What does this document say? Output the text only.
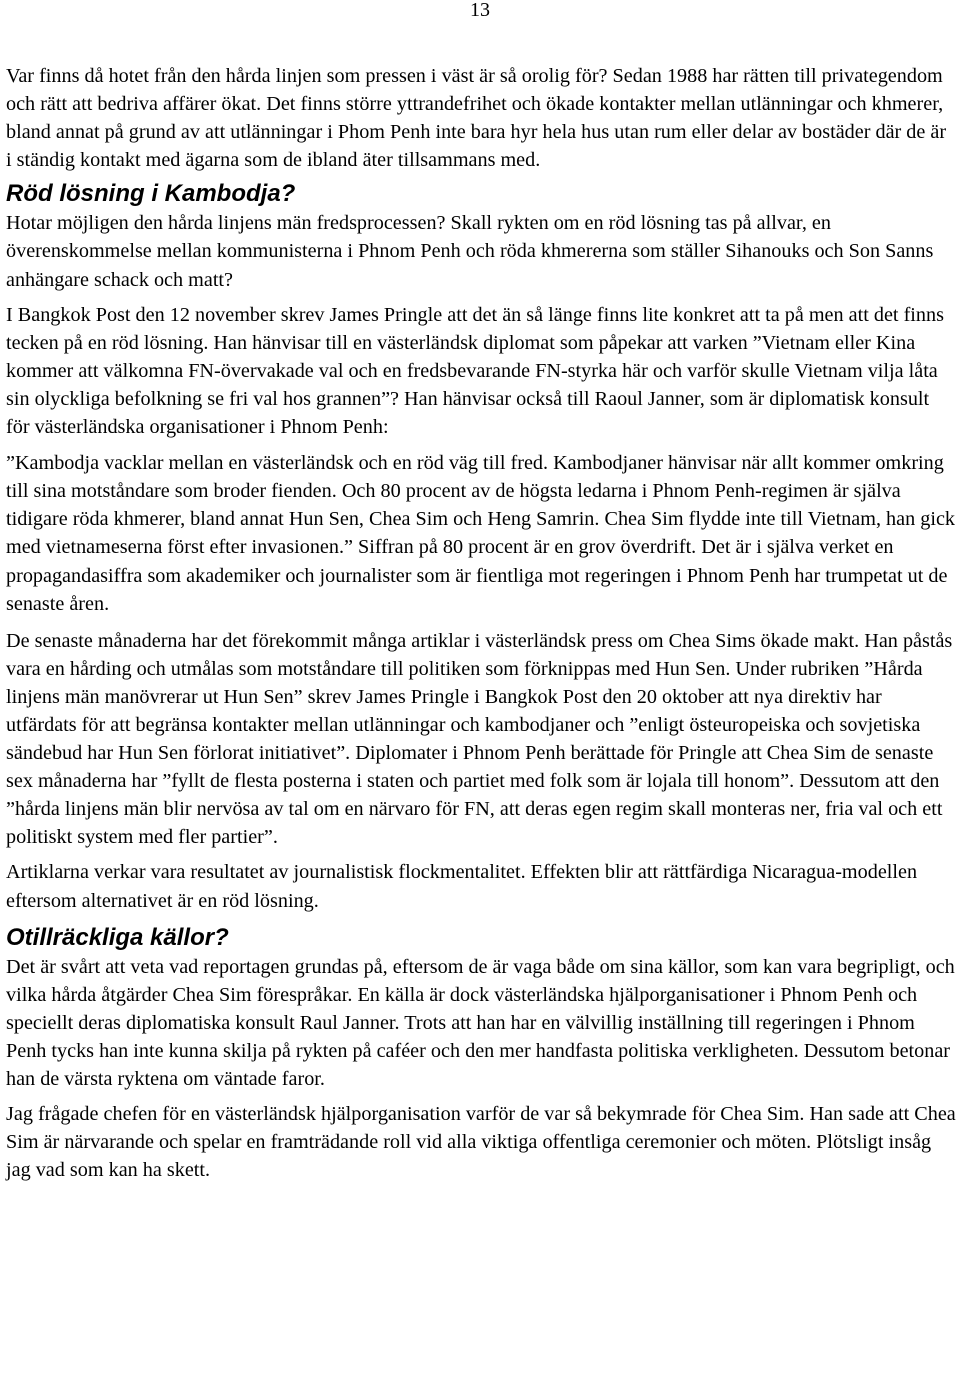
13

Var finns då hotet från den hårda linjen som pressen i väst är så orolig för? Sedan 1988 har rätten till privategendom och rätt att bedriva affärer ökat. Det finns större yttrandefrihet och ökade kontakter mellan utlänningar och khmerer, bland annat på grund av att utlänningar i Phom Penh inte bara hyr hela hus utan rum eller delar av bostäder där de är i ständig kontakt med ägarna som de ibland äter tillsammans med.

Röd lösning i Kambodja?

Hotar möjligen den hårda linjens män fredsprocessen? Skall rykten om en röd lösning tas på allvar, en överenskommelse mellan kommunisterna i Phnom Penh och röda khmererna som ställer Sihanouks och Son Sanns anhängare schack och matt?

I Bangkok Post den 12 november skrev James Pringle att det än så länge finns lite konkret att ta på men att det finns tecken på en röd lösning. Han hänvisar till en västerländsk diplomat som påpekar att varken ”Vietnam eller Kina kommer att välkomna FN-övervakade val och en fredsbevarande FN-styrka här och varför skulle Vietnam vilja låta sin olyckliga befolkning se fri val hos grannen”? Han hänvisar också till Raoul Janner, som är diplomatisk konsult för västerländska organisationer i Phnom Penh:

”Kambodja vacklar mellan en västerländsk och en röd väg till fred. Kambodjaner hänvisar när allt kommer omkring till sina motståndare som broder fienden. Och 80 procent av de högsta ledarna i Phnom Penh-regimen är själva tidigare röda khmerer, bland annat Hun Sen, Chea Sim och Heng Samrin. Chea Sim flydde inte till Vietnam, han gick med vietnameserna först efter invasionen.” Siffran på 80 procent är en grov överdrift. Det är i själva verket en propagandasiffra som akademiker och journalister som är fientliga mot regeringen i Phnom Penh har trumpetat ut de senaste åren.

De senaste månaderna har det förekommit många artiklar i västerländsk press om Chea Sims ökade makt. Han påstås vara en hårding och utmålas som motståndare till politiken som förknippas med Hun Sen. Under rubriken ”Hårda linjens män manövrerar ut Hun Sen” skrev James Pringle i Bangkok Post den 20 oktober att nya direktiv har utfärdats för att begränsa kontakter mellan utlänningar och kambodjaner och ”enligt östeuropeiska och sovjetiska sändebud har Hun Sen förlorat initiativet”. Diplomater i Phnom Penh berättade för Pringle att Chea Sim de senaste sex månaderna har ”fyllt de flesta posterna i staten och partiet med folk som är lojala till honom”. Dessutom att den ”hårda linjens män blir nervösa av tal om en närvaro för FN, att deras egen regim skall monteras ner, fria val och ett politiskt system med fler partier”.

Artiklarna verkar vara resultatet av journalistisk flockmentalitet. Effekten blir att rättfärdiga Nicaragua-modellen eftersom alternativet är en röd lösning.

Otillräckliga källor?

Det är svårt att veta vad reportagen grundas på, eftersom de är vaga både om sina källor, som kan vara begripligt, och vilka hårda åtgärder Chea Sim förespråkar. En källa är dock västerländska hjälporganisationer i Phnom Penh och speciellt deras diplomatiska konsult Raul Janner. Trots att han har en välvillig inställning till regeringen i Phnom Penh tycks han inte kunna skilja på rykten på caféer och den mer handfasta politiska verkligheten. Dessutom betonar han de värsta ryktena om väntade faror.

Jag frågade chefen för en västerländsk hjälporganisation varför de var så bekymrade för Chea Sim. Han sade att Chea Sim är närvarande och spelar en framträdande roll vid alla viktiga offentliga ceremonier och möten. Plötsligt insåg jag vad som kan ha skett.
